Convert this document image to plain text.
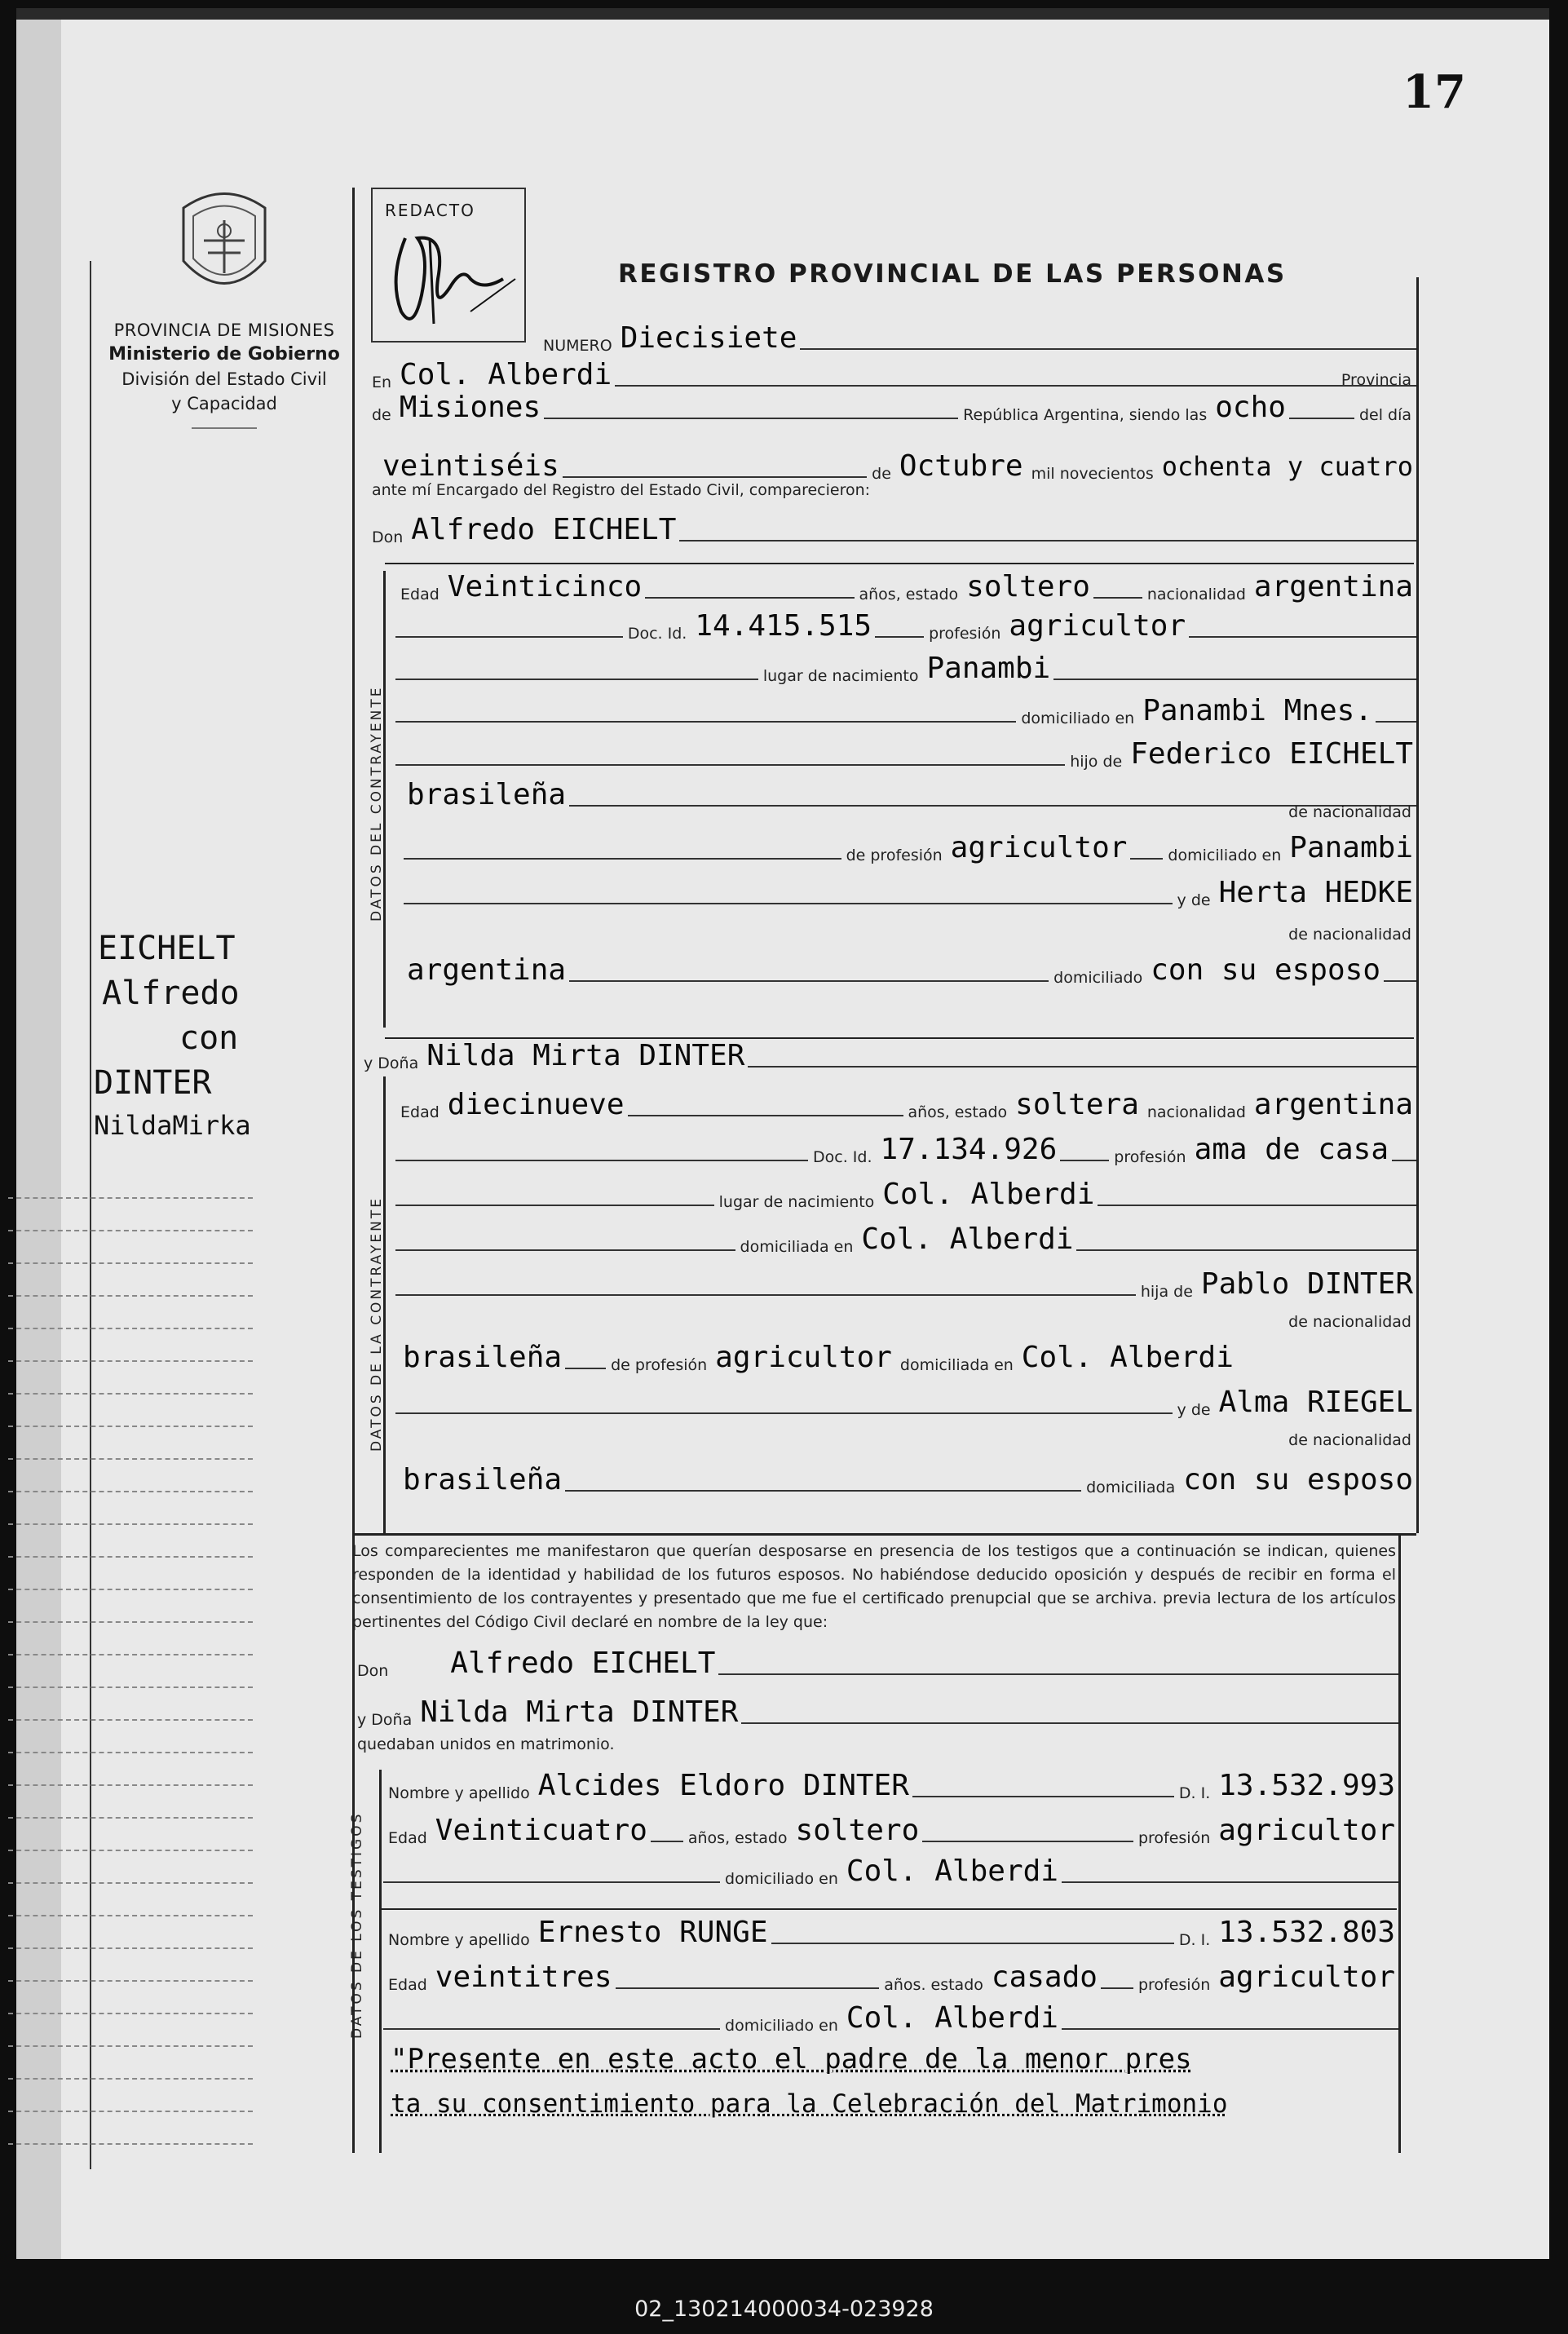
17
PROVINCIA DE MISIONES
Ministerio de Gobierno
División del Estado Civil
y Capacidad
REDACTO
REGISTRO PROVINCIAL DE LAS PERSONAS
EICHELT
Alfredo
con
DINTER
NildaMirka
NUMERO Diecisiete
En Col. Alberdi
de Misiones	República Argentina, siendo las ocho	del día
Provincia
veintiséis	de Octubre mil novecientos ochenta y cuatro
ante mí Encargado del Registro del Estado Civil, comparecieron:
Don Alfredo EICHELT
DATOS DEL CONTRAYENTE
Edad Veinticinco	años, estado soltero	nacionalidad argentina
Doc. Id. 14.415.515	profesión agricultor
lugar de nacimiento Panambi
domiciliado en Panambi Mnes.
hijo de Federico EICHELT
brasileña
de nacionalidad
de profesión agricultor	domiciliado en Panambi
y de Herta HEDKE
de nacionalidad
argentina	domiciliado con su esposo
y Doña Nilda Mirta DINTER
DATOS DE LA CONTRAYENTE
Edad diecinueve	años, estado soltera nacionalidad argentina
Doc. Id. 17.134.926	profesión ama de casa
lugar de nacimiento Col. Alberdi
domiciliada en Col. Alberdi
hija de Pablo DINTER
de nacionalidad
brasileña	de profesión agricultor domiciliada en Col. Alberdi
y de Alma RIEGEL
de nacionalidad
brasileña	domiciliada con su esposo
Los comparecientes me manifestaron que querían desposarse en presencia de los testigos que a continuación se indican, quienes responden de la identidad y habilidad de los futuros esposos. No habiéndose deducido oposición y después de recibir en forma el consentimiento de los contrayentes y presentado que me fue el certificado prenupcial que se archiva. previa lectura de los artículos pertinentes del Código Civil declaré en nombre de la ley que:
Don	Alfredo EICHELT
y Doña Nilda Mirta DINTER
quedaban unidos en matrimonio.
DATOS DE LOS TESTIGOS
Nombre y apellido Alcides Eldoro DINTER	D. I. 13.532.993
Edad Veinticuatro	años, estado soltero	profesión agricultor
domiciliado en Col. Alberdi
Nombre y apellido Ernesto RUNGE	D. I. 13.532.803
Edad veintitres	años. estado casado	profesión agricultor
domiciliado en Col. Alberdi
"Presente en este acto el padre de la menor pres
ta su consentimiento para la Celebración del Matrimonio
02_130214000034-023928
